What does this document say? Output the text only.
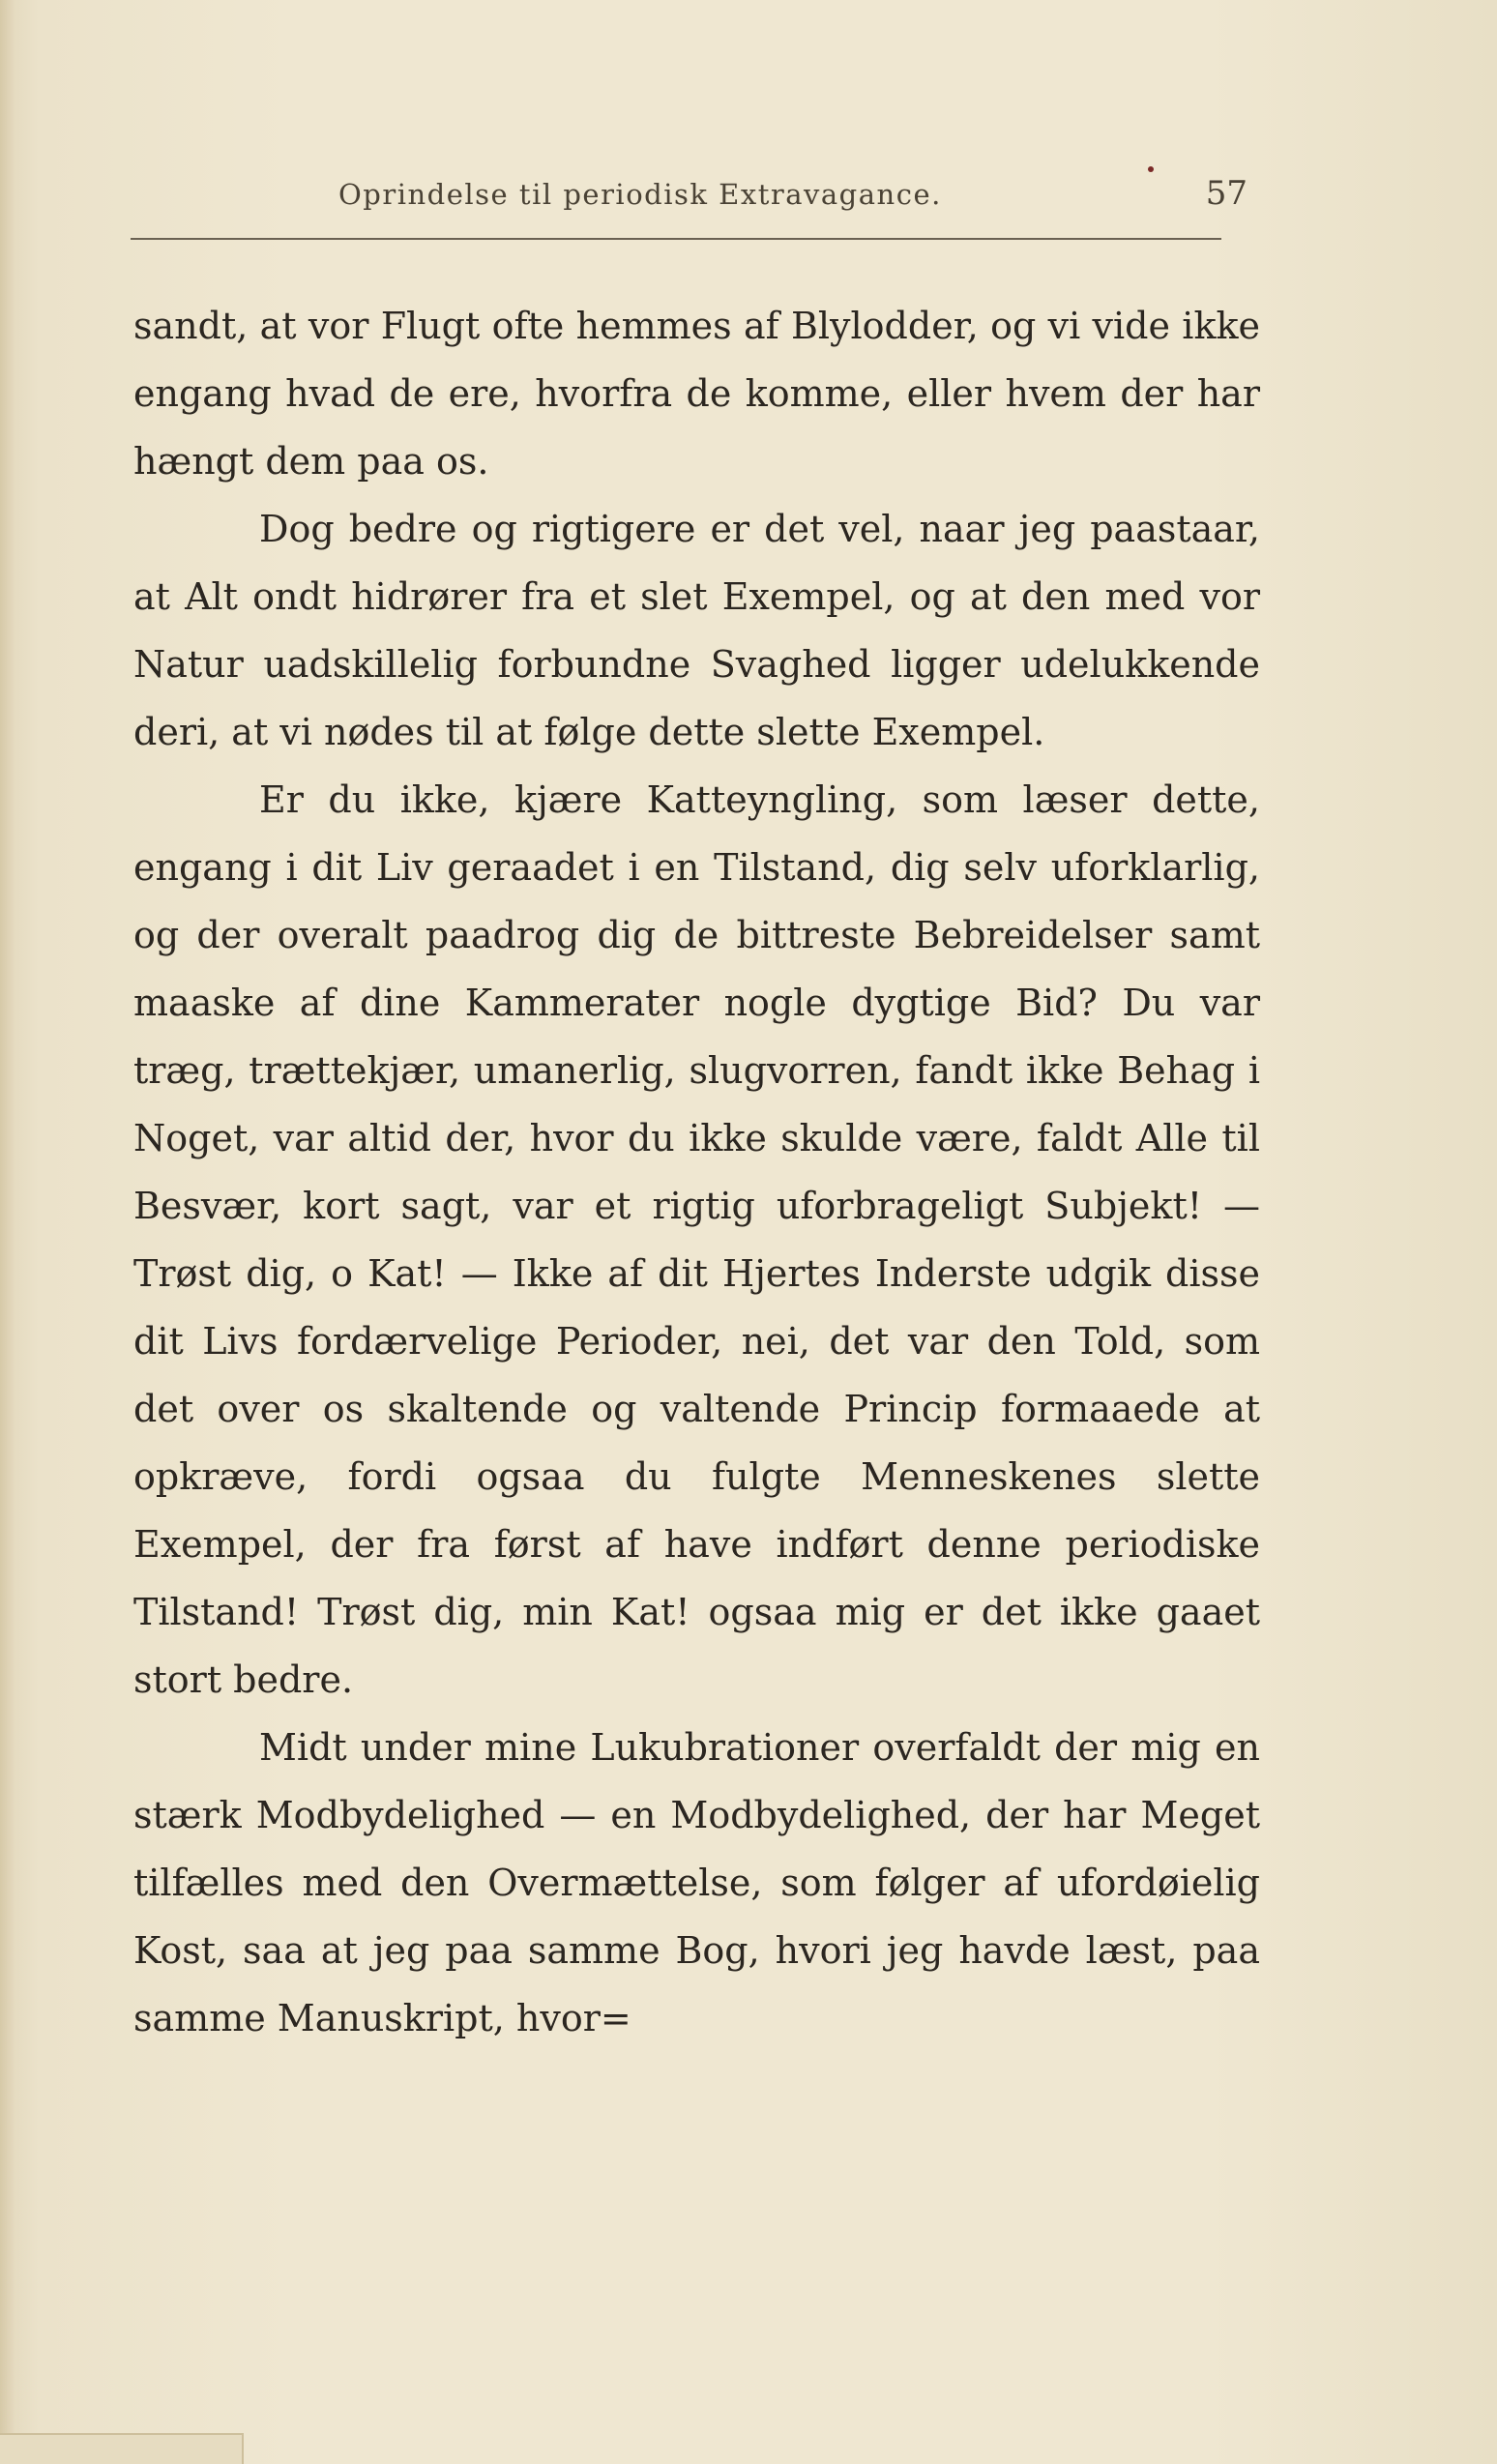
Oprindelse til periodisk Extravagance.	57

sandt, at vor Flugt ofte hemmes af Blylodder, og vi vide ikke engang hvad de ere, hvorfra de komme, eller hvem der har hængt dem paa os.

Dog bedre og rigtigere er det vel, naar jeg paastaar, at Alt ondt hidrører fra et slet Exempel, og at den med vor Natur uadskillelig forbundne Svaghed ligger udelukkende deri, at vi nødes til at følge dette slette Exempel.

Er du ikke, kjære Katteyngling, som læser dette, engang i dit Liv geraadet i en Tilstand, dig selv uforklarlig, og der overalt paadrog dig de bittreste Bebreidelser samt maaske af dine Kammerater nogle dygtige Bid? Du var træg, trættekjær, umanerlig, slugvorren, fandt ikke Behag i Noget, var altid der, hvor du ikke skulde være, faldt Alle til Besvær, kort sagt, var et rigtig uforbrageligt Subjekt! — Trøst dig, o Kat! — Ikke af dit Hjertes Inderste udgik disse dit Livs fordærvelige Perioder, nei, det var den Told, som det over os skaltende og valtende Princip formaaede at opkræve, fordi ogsaa du fulgte Menneskenes slette Exempel, der fra først af have indført denne periodiske Tilstand! Trøst dig, min Kat! ogsaa mig er det ikke gaaet stort bedre.

Midt under mine Lukubrationer overfaldt der mig en stærk Modbydelighed — en Modbydelighed, der har Meget tilfælles med den Overmættelse, som følger af ufordøielig Kost, saa at jeg paa samme Bog, hvori jeg havde læst, paa samme Manuskript, hvor=
